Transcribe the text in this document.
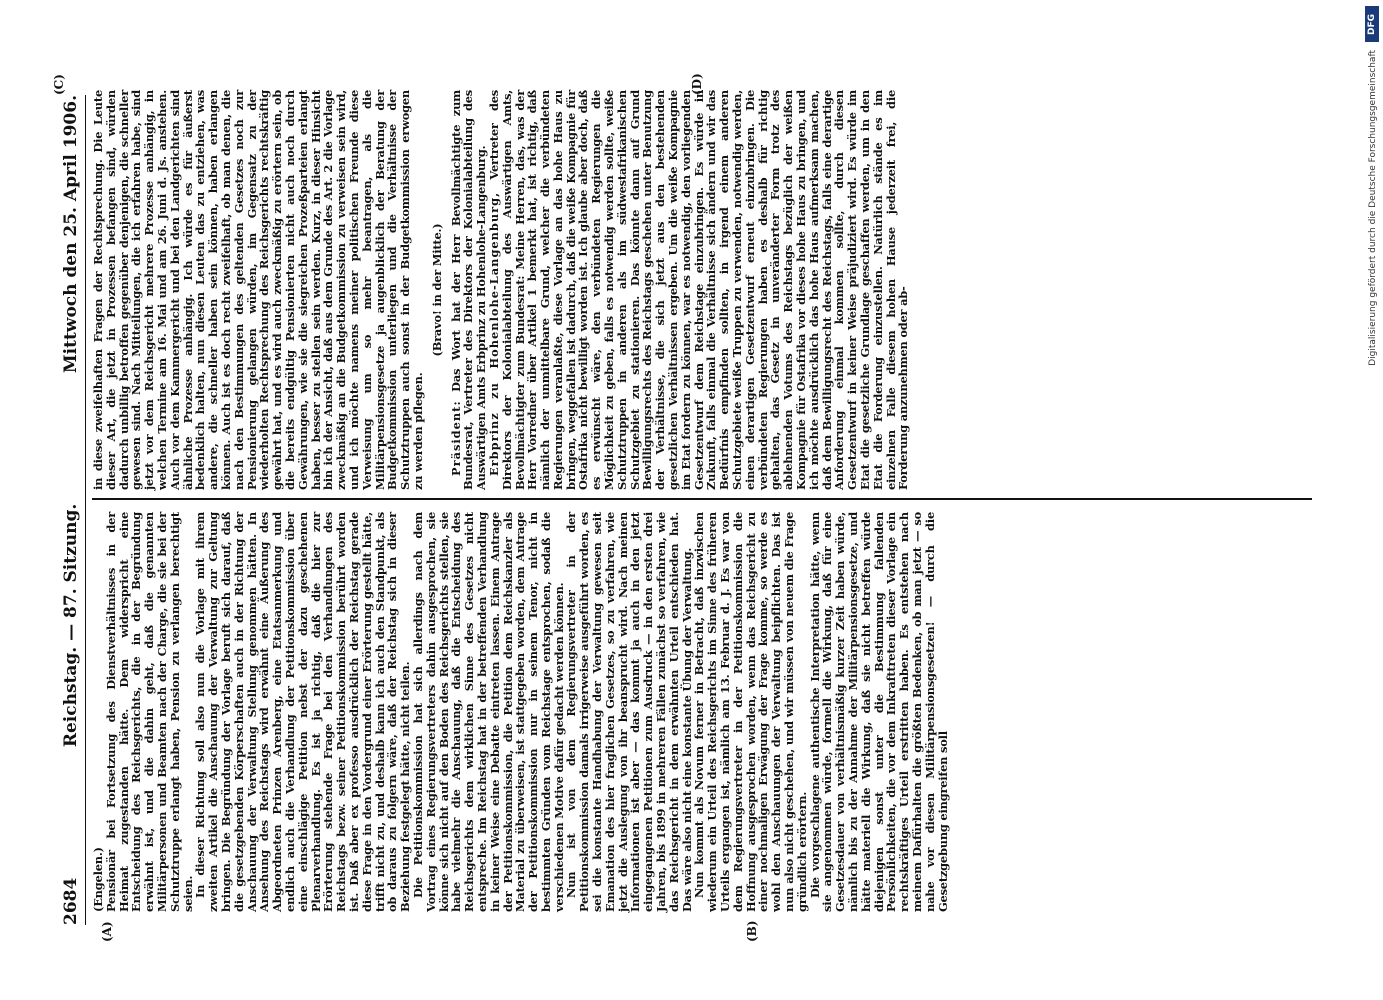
2684
Reichstag. — 87. Sitzung.
Mittwoch den 25. April 1906.
(A)	(B)
(C)	(D)

(Engelen.)

Pensionär bei Fortsetzung des Dienstverhältnisses in der Heimat zugestanden hätte. Dem widerspricht eine Entscheidung des Reichsgerichts, die in der Begründung erwähnt ist, und die dahin geht, daß die genannten Militärpersonen und Beamten nach der Charge, die sie bei der Schutztruppe erlangt haben, Pension zu verlangen berechtigt seien.

In dieser Richtung soll also nun die Vorlage mit ihrem zweiten Artikel die Anschauung der Verwaltung zur Geltung bringen. Die Begründung der Vorlage beruft sich darauf, daß die gesetzgebenden Körperschaften auch in der Richtung der Anschauung der Verwaltung Stellung genommen hätten. In Ansehung des Reichstags wird erwähnt eine Äußerung des Abgeordneten Prinzen Arenberg, eine Etatsanmerkung und endlich auch die Verhandlung der Petitionskommission über eine einschlägige Petition nebst der dazu geschehenen Plenarverhandlung. Es ist ja richtig, daß die hier zur Erörterung stehende Frage bei den Verhandlungen des Reichstags bezw. seiner Petitionskommission berührt worden ist. Daß aber ex professo ausdrücklich der Reichstag gerade diese Frage in den Vordergrund einer Erörterung gestellt hätte, trifft nicht zu, und deshalb kann ich auch den Standpunkt, als ob daraus zu folgern wäre, daß der Reichstag sich in dieser Beziehung festgelegt hätte, nicht teilen.

Die Petitionskommission hat sich allerdings nach dem Vortrag eines Regierungsvertreters dahin ausgesprochen, sie könne sich nicht auf den Boden des Reichsgerichts stellen, sie habe vielmehr die Anschauung, daß die Entscheidung des Reichsgerichts dem wirklichen Sinne des Gesetzes nicht entspreche. Im Reichstag hat in der betreffenden Verhandlung in keiner Weise eine Debatte eintreten lassen. Einem Antrage der Petitionskommission, die Petition dem Reichskanzler als Material zu überweisen, ist stattgegeben worden, dem Antrage der Petitionskommission nur in seinem Tenor, nicht in bestimmten Gründen vom Reichstage entsprochen, sodaß die verschiedenen Motive dafür gedacht werden können.

Nun ist von dem Regierungsvertreter in der Petitionskommission damals irrigerweise ausgeführt worden, es sei die konstante Handhabung der Verwaltung gewesen seit Emanation des hier fraglichen Gesetzes, so zu verfahren, wie jetzt die Auslegung von ihr beansprucht wird. Nach meinen Informationen ist aber — das kommt ja auch in den jetzt eingegangenen Petitionen zum Ausdruck — in den ersten drei Jahren, bis 1899 in mehreren Fällen zunächst so verfahren, wie das Reichsgericht in dem erwähnten Urteil entschieden hat. Das wäre also nicht eine konstante Übung der Verwaltung.

Nun kommt als Novum ferner in Betracht, daß inzwischen wiederum ein Urteil des Reichsgerichts im Sinne des früheren Urteils ergangen ist, nämlich am 13. Februar d. J. Es war von dem Regierungsvertreter in der Petitionskommission die Hoffnung ausgesprochen worden, wenn das Reichsgericht zu einer nochmaligen Erwägung der Frage komme, so werde es wohl den Anschauungen der Verwaltung beipflichten. Das ist nun also nicht geschehen, und wir müssen von neuem die Frage gründlich erörtern.

Die vorgeschlagene authentische Interpretation hätte, wenn sie angenommen würde, formell die Wirkung, daß für eine Gesetzesdauer von verhältnismäßig kurzer Zeit haben würde, nämlich bis zu der Annahme der Militärpensionsgesetze, und hätte materiell die Wirkung, daß sie nicht betreffen würde diejenigen sonst unter die Bestimmung fallenden Persönlichkeiten, die vor dem Inkrafttreten dieser Vorlage ein rechtskräftiges Urteil erstritten haben. Es entstehen nach meinem Dafürhalten die größten Bedenken, ob man jetzt — so nahe vor diesen Militärpensionsgesetzen! — durch die Gesetzgebung eingreifen soll

in diese zweifelhaften Fragen der Rechtsprechung. Die Leute dieser Art, die jetzt in Prozessen befangen sind, würden dadurch unbillig betroffen gegenüber denjenigen, die schneller gewesen sind. Nach Mitteilungen, die ich erfahren habe, sind jetzt vor dem Reichsgericht mehrere Prozesse anhängig, in welchen Termine am 16. Mai und am 26. Juni d. Js. anstehen. Auch vor dem Kammergericht und bei den Landgerichten sind ähnliche Prozesse anhängig. Ich würde es für äußerst bedenklich halten, nun diesen Leuten das zu entziehen, was andere, die schneller haben sein können, haben erlangen können. Auch ist es doch recht zweifelhaft, ob man denen, die nach den Bestimmungen des geltenden Gesetzes noch zur Pensionierung gelangen würden, im Gegensatz zu der wiederholten Rechtsprechung des Reichsgerichts rechtskräftig gewährt hat, und es wird auch zweckmäßig zu erörtern sein, ob die bereits endgültig Pensionierten nicht auch noch durch Gewährungen, wie sie die siegreichen Prozeßparteien erlangt haben, besser zu stellen sein werden. Kurz, in dieser Hinsicht bin ich der Ansicht, daß aus dem Grunde des Art. 2 die Vorlage zweckmäßig an die Budgetkommission zu verweisen sein wird, und ich möchte namens meiner politischen Freunde diese Verweisung um so mehr beantragen, als die Militärpensionsgesetze ja augenblicklich der Beratung der Budgetkommission unterliegen und die Verhältnisse der Schutztruppen auch sonst in der Budgetkommission erwogen zu werden pflegen.

(Bravo! in der Mitte.)

Präsident: Das Wort hat der Herr Bevollmächtigte zum Bundesrat, Vertreter des Direktors der Kolonialabteilung des Auswärtigen Amts Erbprinz zu Hohenlohe-Langenburg.

Erbprinz zu Hohenlohe-Langenburg, Vertreter des Direktors der Kolonialabteilung des Auswärtigen Amts, Bevollmächtigter zum Bundesrat: Meine Herren, das, was der Herr Vorredner über Artikel 1 bemerkt hat, ist richtig, daß nämlich der unmittelbare Grund, welcher die verbündeten Regierungen veranlaßte, diese Vorlage an das hohe Haus zu bringen, weggefallen ist dadurch, daß die weiße Kompagnie für Ostafrika nicht bewilligt worden ist. Ich glaube aber doch, daß es erwünscht wäre, den verbündeten Regierungen die Möglichkeit zu geben, falls es notwendig werden sollte, weiße Schutztruppen in anderen als im südwestafrikanischen Schutzgebiet zu stationieren. Das könnte dann auf Grund Bewilligungsrechts des Reichstags geschehen unter Benutzung der Verhältnisse, die sich jetzt aus den bestehenden gesetzlichen Verhältnissen ergeben. Um die weiße Kompagnie im Etat fordern zu können, war es notwendig, den vorliegenden Gesetzentwurf dem Reichstage einzubringen. Es würde in Zukunft, falls einmal die Verhältnisse sich ändern und wir das Bedürfnis empfinden sollten, in irgend einem anderen Schutzgebiete weiße Truppen zu verwenden, notwendig werden, einen derartigen Gesetzentwurf erneut einzubringen. Die verbündeten Regierungen haben es deshalb für richtig gehalten, das Gesetz in unveränderter Form trotz des ablehnenden Votums des Reichstags bezüglich der weißen Kompagnie für Ostafrika vor dieses hohe Haus zu bringen, und ich möchte ausdrücklich das hohe Haus aufmerksam machen, daß dem Bewilligungsrecht des Reichstags, falls eine derartige Anforderung einmal kommen sollte, durch diesen Gesetzentwurf in keiner Weise präjudiziert wird. Es würde im Etat die gesetzliche Grundlage geschaffen werden, um in den Etat die Forderung einzustellen. Natürlich stände es im einzelnen Falle diesem hohen Hause jederzeit frei, die Forderung anzunehmen oder ab-

DFG
Digitalisierung gefördert durch die Deutsche Forschungsgemeinschaft
